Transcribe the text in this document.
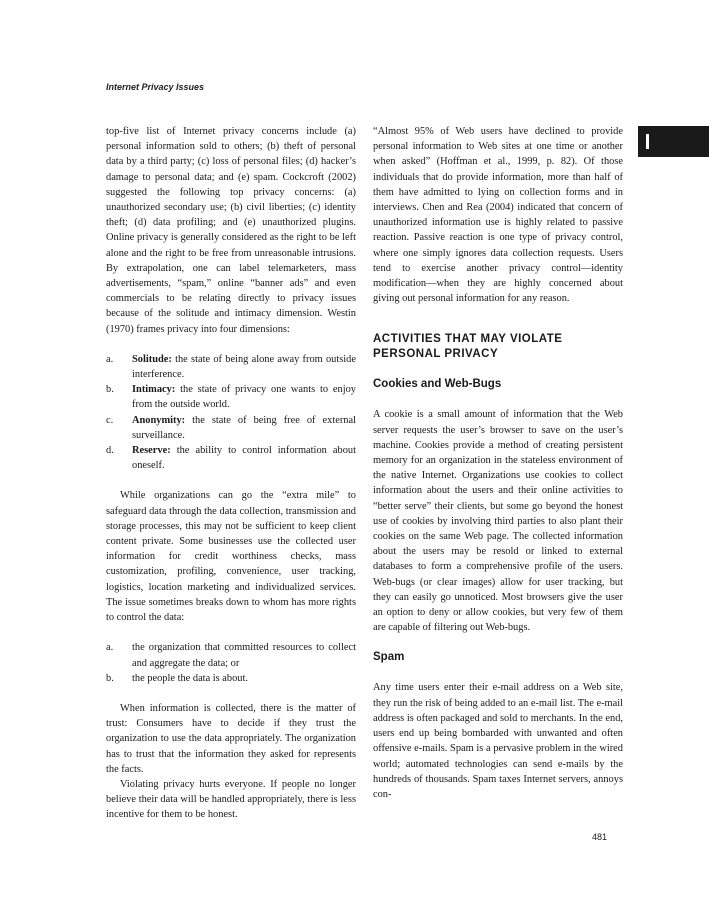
Internet Privacy Issues

top-five list of Internet privacy concerns include (a) personal information sold to others; (b) theft of personal data by a third party; (c) loss of personal files; (d) hacker’s damage to personal data; and (e) spam. Cockcroft (2002) suggested the following top privacy concerns: (a) unauthorized secondary use; (b) civil liberties; (c) identity theft; (d) data profiling; and (e) unauthorized plugins. Online privacy is generally considered as the right to be left alone and the right to be free from unreasonable intrusions. By extrapolation, one can label telemarketers, mass advertisements, “spam,” online “banner ads” and even commercials to be relating directly to privacy issues because of the solitude and intimacy dimension. Westin (1970) frames privacy into four dimensions:

a. Solitude: the state of being alone away from outside interference.
b. Intimacy: the state of privacy one wants to enjoy from the outside world.
c. Anonymity: the state of being free of external surveillance.
d. Reserve: the ability to control information about oneself.

While organizations can go the “extra mile” to safeguard data through the data collection, transmission and storage processes, this may not be sufficient to keep client content private. Some businesses use the collected user information for credit worthiness checks, mass customization, profiling, convenience, user tracking, logistics, location marketing and individualized services. The issue sometimes breaks down to whom has more rights to control the data:

a. the organization that committed resources to collect and aggregate the data; or
b. the people the data is about.

When information is collected, there is the matter of trust: Consumers have to decide if they trust the organization to use the data appropriately. The organization has to trust that the information they asked for represents the facts.

Violating privacy hurts everyone. If people no longer believe their data will be handled appropriately, there is less incentive for them to be honest.

“Almost 95% of Web users have declined to provide personal information to Web sites at one time or another when asked” (Hoffman et al., 1999, p. 82). Of those individuals that do provide information, more than half of them have admitted to lying on collection forms and in interviews. Chen and Rea (2004) indicated that concern of unauthorized information use is highly related to passive reaction. Passive reaction is one type of privacy control, where one simply ignores data collection requests. Users tend to exercise another privacy control—identity modification—when they are highly concerned about giving out personal information for any reason.

ACTIVITIES THAT MAY VIOLATE
PERSONAL PRIVACY
Cookies and Web-Bugs

A cookie is a small amount of information that the Web server requests the user’s browser to save on the user’s machine. Cookies provide a method of creating persistent memory for an organization in the stateless environment of the native Internet. Organizations use cookies to collect information about the users and their online activities to “better serve” their clients, but some go beyond the honest use of cookies by involving third parties to also plant their cookies on the same Web page. The collected information about the users may be resold or linked to external databases to form a comprehensive profile of the users. Web-bugs (or clear images) allow for user tracking, but they can easily go unnoticed. Most browsers give the user an option to deny or allow cookies, but very few of them are capable of filtering out Web-bugs.

Spam

Any time users enter their e-mail address on a Web site, they run the risk of being added to an e-mail list. The e-mail address is often packaged and sold to merchants. In the end, users end up being bombarded with unwanted and often offensive e-mails. Spam is a pervasive problem in the wired world; automated technologies can send e-mails by the hundreds of thousands. Spam taxes Internet servers, annoys con-

481
